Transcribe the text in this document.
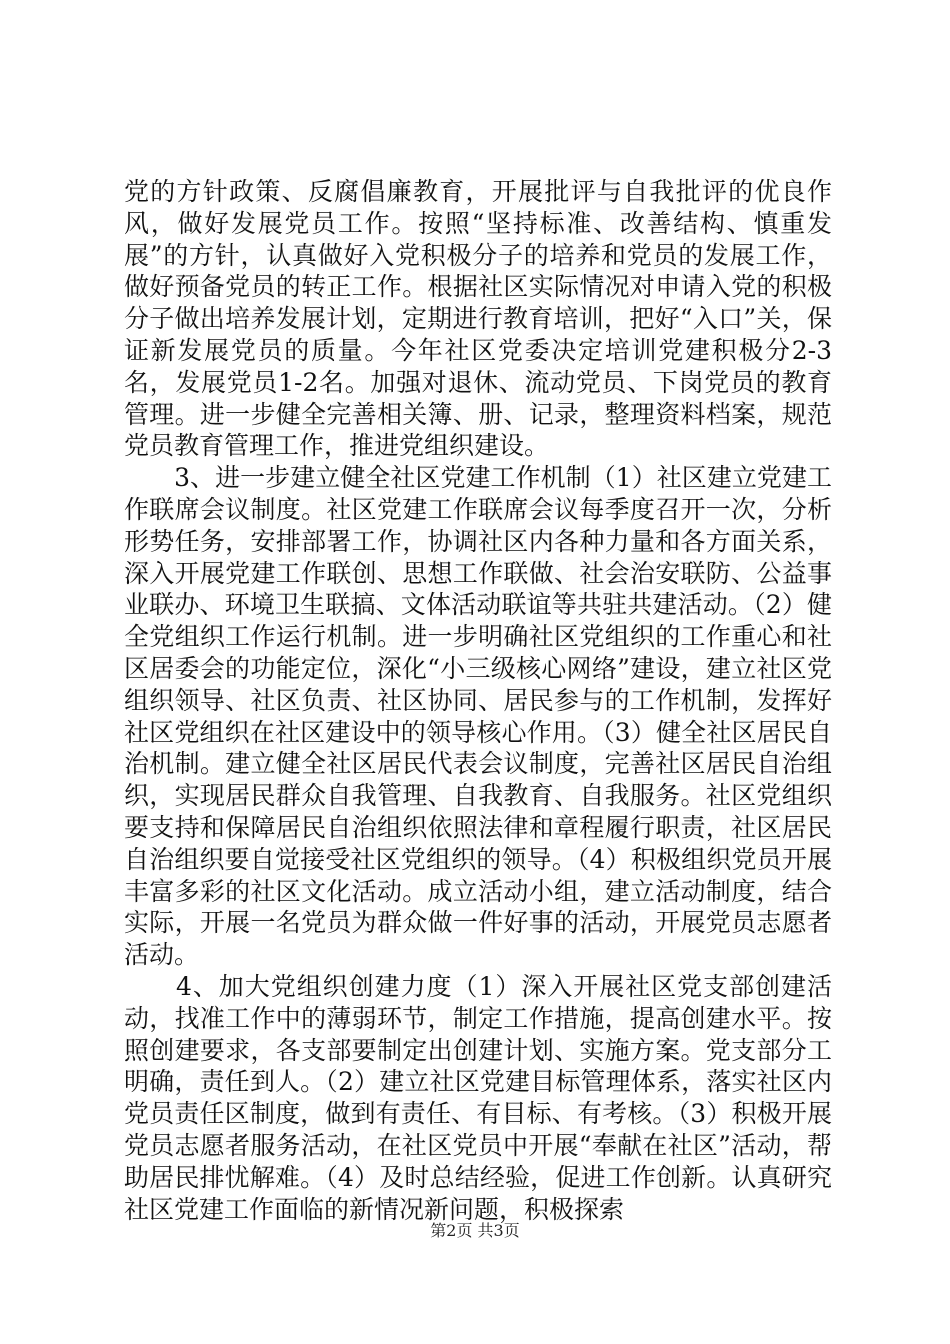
党的方针政策、反腐倡廉教育，开展批评与自我批评的优良作风，做好发展党员工作。按照“坚持标准、改善结构、慎重发展”的方针，认真做好入党积极分子的培养和党员的发展工作，做好预备党员的转正工作。根据社区实际情况对申请入党的积极分子做出培养发展计划，定期进行教育培训，把好“入口”关，保证新发展党员的质量。今年社区党委决定培训党建积极分2-3名，发展党员1-2名。加强对退休、流动党员、下岗党员的教育管理。进一步健全完善相关簿、册、记录，整理资料档案，规范党员教育管理工作，推进党组织建设。

　　3、进一步建立健全社区党建工作机制（1）社区建立党建工作联席会议制度。社区党建工作联席会议每季度召开一次，分析形势任务，安排部署工作，协调社区内各种力量和各方面关系，深入开展党建工作联创、思想工作联做、社会治安联防、公益事业联办、环境卫生联搞、文体活动联谊等共驻共建活动。（2）健全党组织工作运行机制。进一步明确社区党组织的工作重心和社区居委会的功能定位，深化“小三级核心网络”建设，建立社区党组织领导、社区负责、社区协同、居民参与的工作机制，发挥好社区党组织在社区建设中的领导核心作用。（3）健全社区居民自治机制。建立健全社区居民代表会议制度，完善社区居民自治组织，实现居民群众自我管理、自我教育、自我服务。社区党组织要支持和保障居民自治组织依照法律和章程履行职责，社区居民自治组织要自觉接受社区党组织的领导。（4）积极组织党员开展丰富多彩的社区文化活动。成立活动小组，建立活动制度，结合实际，开展一名党员为群众做一件好事的活动，开展党员志愿者活动。

　　4、加大党组织创建力度（1）深入开展社区党支部创建活动，找准工作中的薄弱环节，制定工作措施，提高创建水平。按照创建要求，各支部要制定出创建计划、实施方案。党支部分工明确，责任到人。（2）建立社区党建目标管理体系，落实社区内党员责任区制度，做到有责任、有目标、有考核。（3）积极开展党员志愿者服务活动，在社区党员中开展“奉献在社区”活动，帮助居民排忧解难。（4）及时总结经验，促进工作创新。认真研究社区党建工作面临的新情况新问题，积极探索

第2页 共3页
